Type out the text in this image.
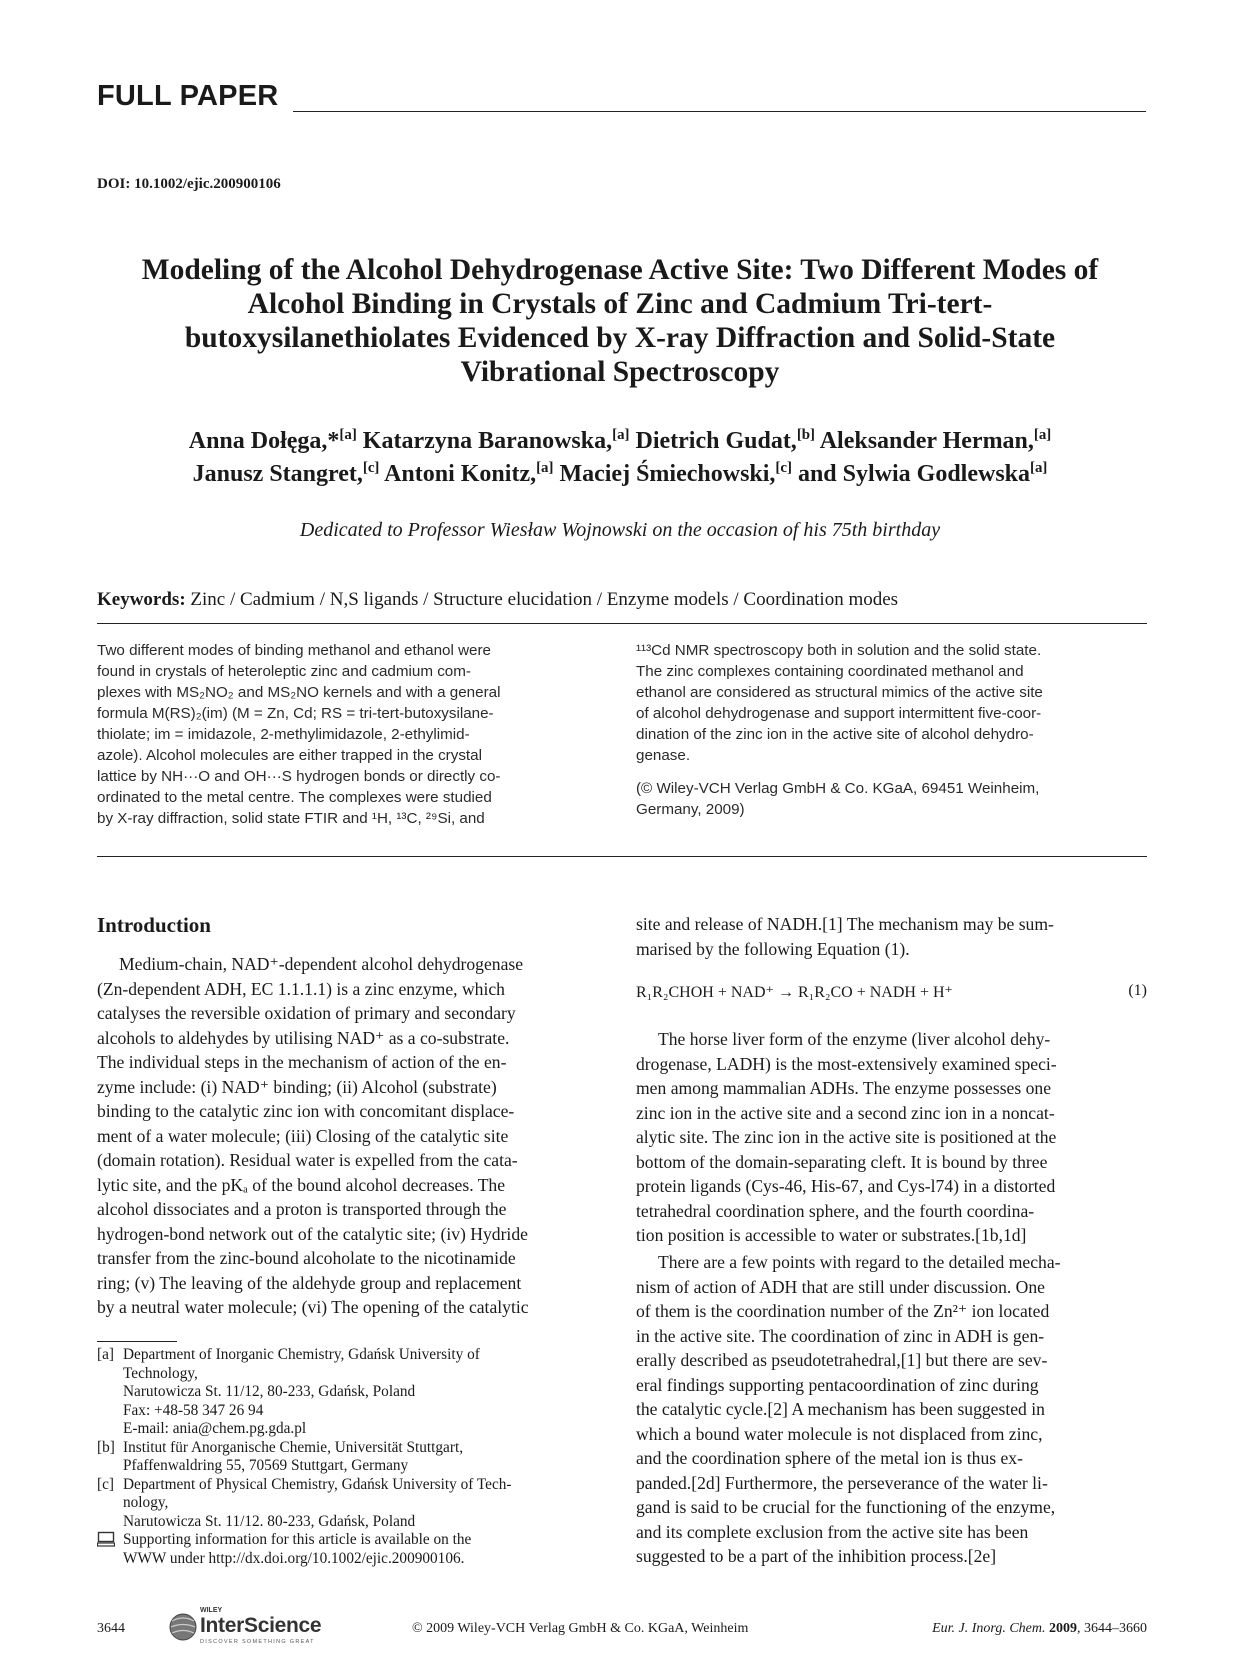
FULL PAPER
DOI: 10.1002/ejic.200900106
Modeling of the Alcohol Dehydrogenase Active Site: Two Different Modes of
Alcohol Binding in Crystals of Zinc and Cadmium Tri-tert-
butoxysilanethiolates Evidenced by X-ray Diffraction and Solid-State
Vibrational Spectroscopy
Anna Dołęga,*[a] Katarzyna Baranowska,[a] Dietrich Gudat,[b] Aleksander Herman,[a]
Janusz Stangret,[c] Antoni Konitz,[a] Maciej Śmiechowski,[c] and Sylwia Godlewska[a]
Dedicated to Professor Wiesław Wojnowski on the occasion of his 75th birthday
Keywords: Zinc / Cadmium / N,S ligands / Structure elucidation / Enzyme models / Coordination modes
Two different modes of binding methanol and ethanol were
found in crystals of heteroleptic zinc and cadmium com-
plexes with MS₂NO₂ and MS₂NO kernels and with a general
formula M(RS)₂(im) (M = Zn, Cd; RS = tri-tert-butoxysilane-
thiolate; im = imidazole, 2-methylimidazole, 2-ethylimid-
azole). Alcohol molecules are either trapped in the crystal
lattice by NH···O and OH···S hydrogen bonds or directly co-
ordinated to the metal centre. The complexes were studied
by X-ray diffraction, solid state FTIR and ¹H, ¹³C, ²⁹Si, and
¹¹³Cd NMR spectroscopy both in solution and the solid state.
The zinc complexes containing coordinated methanol and
ethanol are considered as structural mimics of the active site
of alcohol dehydrogenase and support intermittent five-coor-
dination of the zinc ion in the active site of alcohol dehydro-
genase.
(© Wiley-VCH Verlag GmbH & Co. KGaA, 69451 Weinheim,
Germany, 2009)
Introduction
Medium-chain, NAD⁺-dependent alcohol dehydrogenase
(Zn-dependent ADH, EC 1.1.1.1) is a zinc enzyme, which
catalyses the reversible oxidation of primary and secondary
alcohols to aldehydes by utilising NAD⁺ as a co-substrate.
The individual steps in the mechanism of action of the en-
zyme include: (i) NAD⁺ binding; (ii) Alcohol (substrate)
binding to the catalytic zinc ion with concomitant displace-
ment of a water molecule; (iii) Closing of the catalytic site
(domain rotation). Residual water is expelled from the cata-
lytic site, and the pKₐ of the bound alcohol decreases. The
alcohol dissociates and a proton is transported through the
hydrogen-bond network out of the catalytic site; (iv) Hydride
transfer from the zinc-bound alcoholate to the nicotinamide
ring; (v) The leaving of the aldehyde group and replacement
by a neutral water molecule; (vi) The opening of the catalytic
site and release of NADH.[1] The mechanism may be sum-
marised by the following Equation (1).
R₁R₂CHOH + NAD⁺ → R₁R₂CO + NADH + H⁺	(1)
The horse liver form of the enzyme (liver alcohol dehy-
drogenase, LADH) is the most-extensively examined speci-
men among mammalian ADHs. The enzyme possesses one
zinc ion in the active site and a second zinc ion in a noncat-
alytic site. The zinc ion in the active site is positioned at the
bottom of the domain-separating cleft. It is bound by three
protein ligands (Cys-46, His-67, and Cys-l74) in a distorted
tetrahedral coordination sphere, and the fourth coordina-
tion position is accessible to water or substrates.[1b,1d]
There are a few points with regard to the detailed mecha-
nism of action of ADH that are still under discussion. One
of them is the coordination number of the Zn²⁺ ion located
in the active site. The coordination of zinc in ADH is gen-
erally described as pseudotetrahedral,[1] but there are sev-
eral findings supporting pentacoordination of zinc during
the catalytic cycle.[2] A mechanism has been suggested in
which a bound water molecule is not displaced from zinc,
and the coordination sphere of the metal ion is thus ex-
panded.[2d] Furthermore, the perseverance of the water li-
gand is said to be crucial for the functioning of the enzyme,
and its complete exclusion from the active site has been
suggested to be a part of the inhibition process.[2e]
[a] Department of Inorganic Chemistry, Gdańsk University of
Technology,
Narutowicza St. 11/12, 80-233, Gdańsk, Poland
Fax: +48-58 347 26 94
E-mail: ania@chem.pg.gda.pl
[b] Institut für Anorganische Chemie, Universität Stuttgart,
Pfaffenwaldring 55, 70569 Stuttgart, Germany
[c] Department of Physical Chemistry, Gdańsk University of Tech-
nology,
Narutowicza St. 11/12. 80-233, Gdańsk, Poland
Supporting information for this article is available on the
WWW under http://dx.doi.org/10.1002/ejic.200900106.
3644
WILEY
InterScience
DISCOVER SOMETHING GREAT
© 2009 Wiley-VCH Verlag GmbH & Co. KGaA, Weinheim	Eur. J. Inorg. Chem. 2009, 3644–3660
